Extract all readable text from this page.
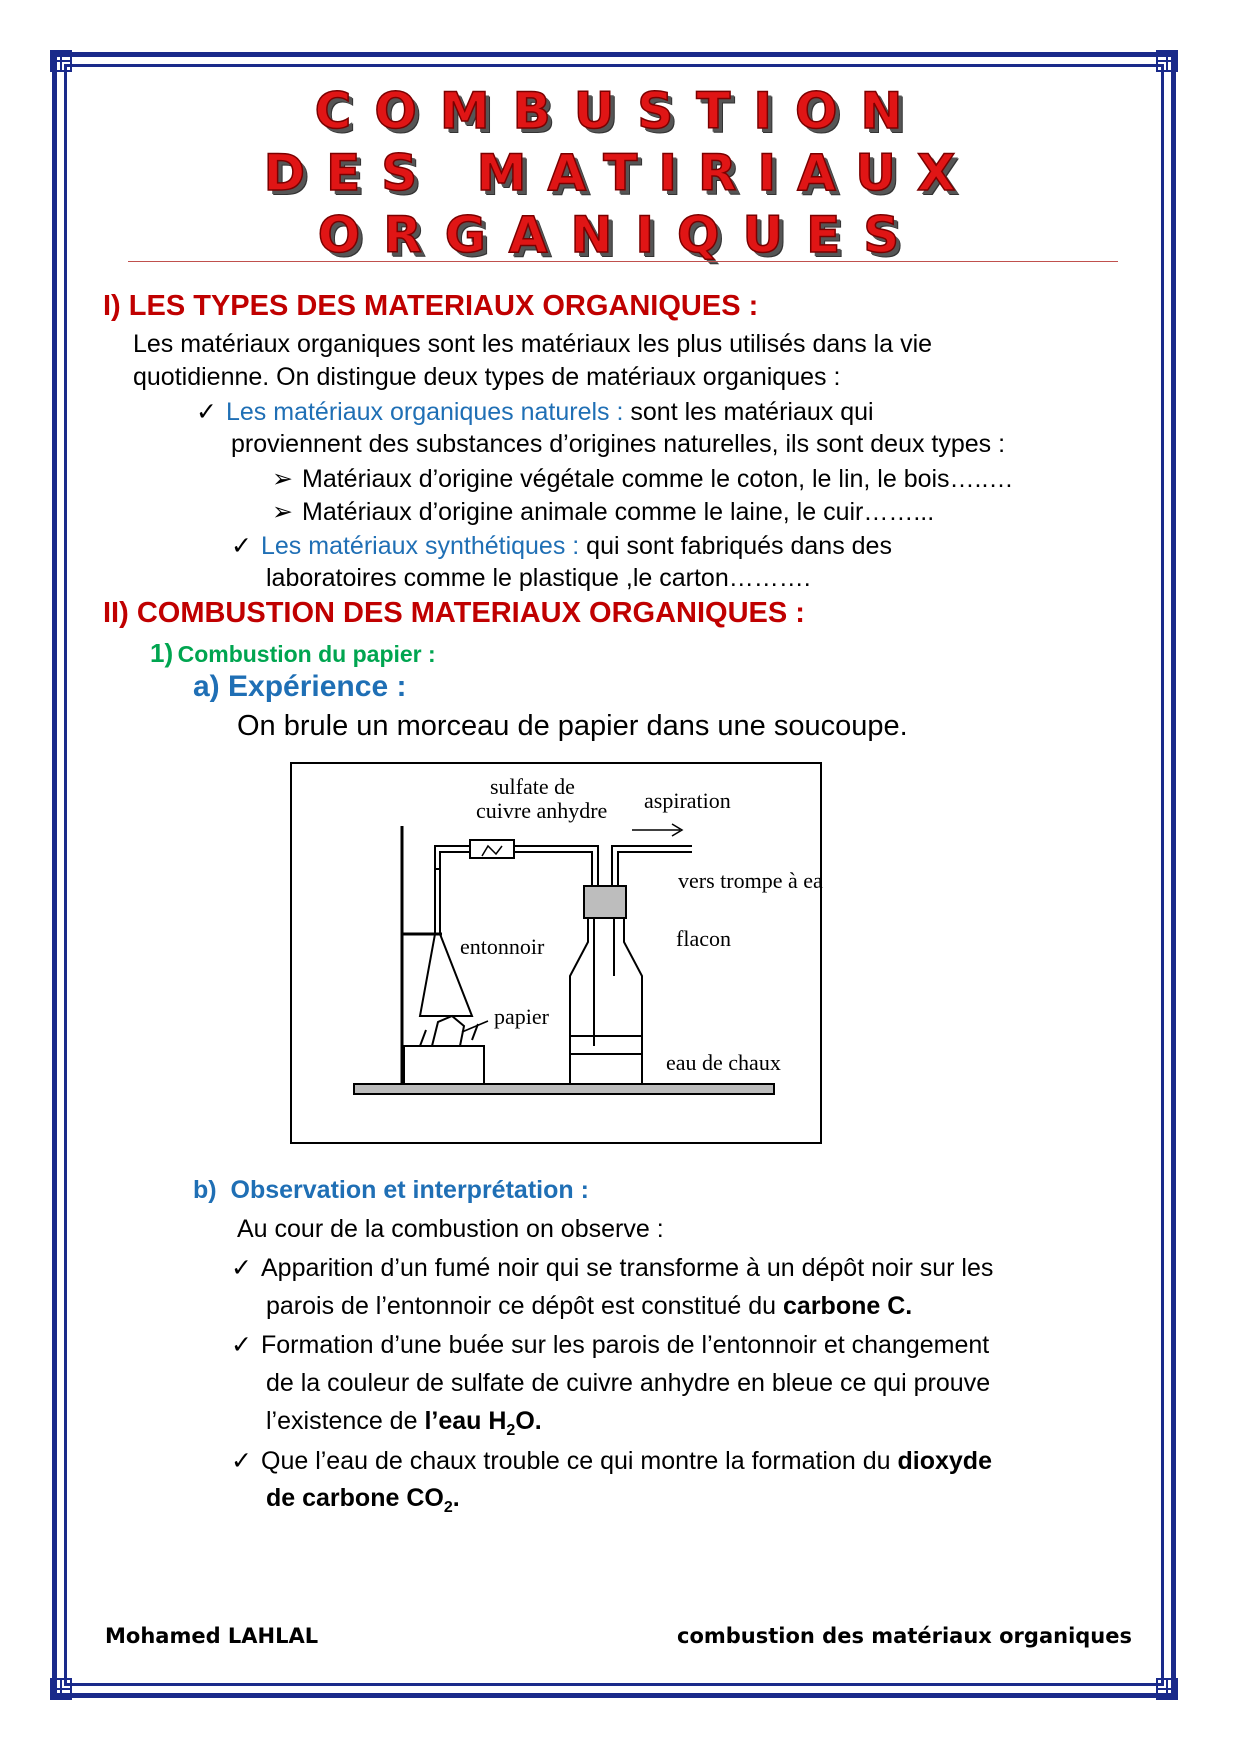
COMBUSTION
DES MATIRIAUX
ORGANIQUES
I) LES TYPES DES MATERIAUX ORGANIQUES :
Les matériaux organiques sont les matériaux les plus utilisés dans la vie
quotidienne. On distingue deux types de matériaux organiques :
✓ Les matériaux organiques naturels : sont les matériaux qui
proviennent des substances d’origines naturelles, ils sont deux types :
➢ Matériaux d’origine végétale comme le coton, le lin, le bois…..…
➢ Matériaux d’origine animale comme le laine, le cuir……...
✓ Les matériaux synthétiques : qui sont fabriqués dans des
laboratoires comme le plastique ,le carton……….
II) COMBUSTION DES MATERIAUX ORGANIQUES :
1) Combustion du papier :
a) Expérience :
On brule un morceau de papier dans une soucoupe.
sulfate de
cuivre anhydre aspiration
vers trompe à ea
flacon
entonnoir
papier
eau de chaux
b) Observation et interprétation :
Au cour de la combustion on observe :
✓ Apparition d’un fumé noir qui se transforme à un dépôt noir sur les
parois de l’entonnoir ce dépôt est constitué du carbone C.
✓ Formation d’une buée sur les parois de l’entonnoir et changement
de la couleur de sulfate de cuivre anhydre en bleue ce qui prouve
l’existence de l’eau $H_2O$.
✓ Que l’eau de chaux trouble ce qui montre la formation du dioxyde
de carbone $CO_2$.
Mohamed LAHLAL	combustion des matériaux organiques
